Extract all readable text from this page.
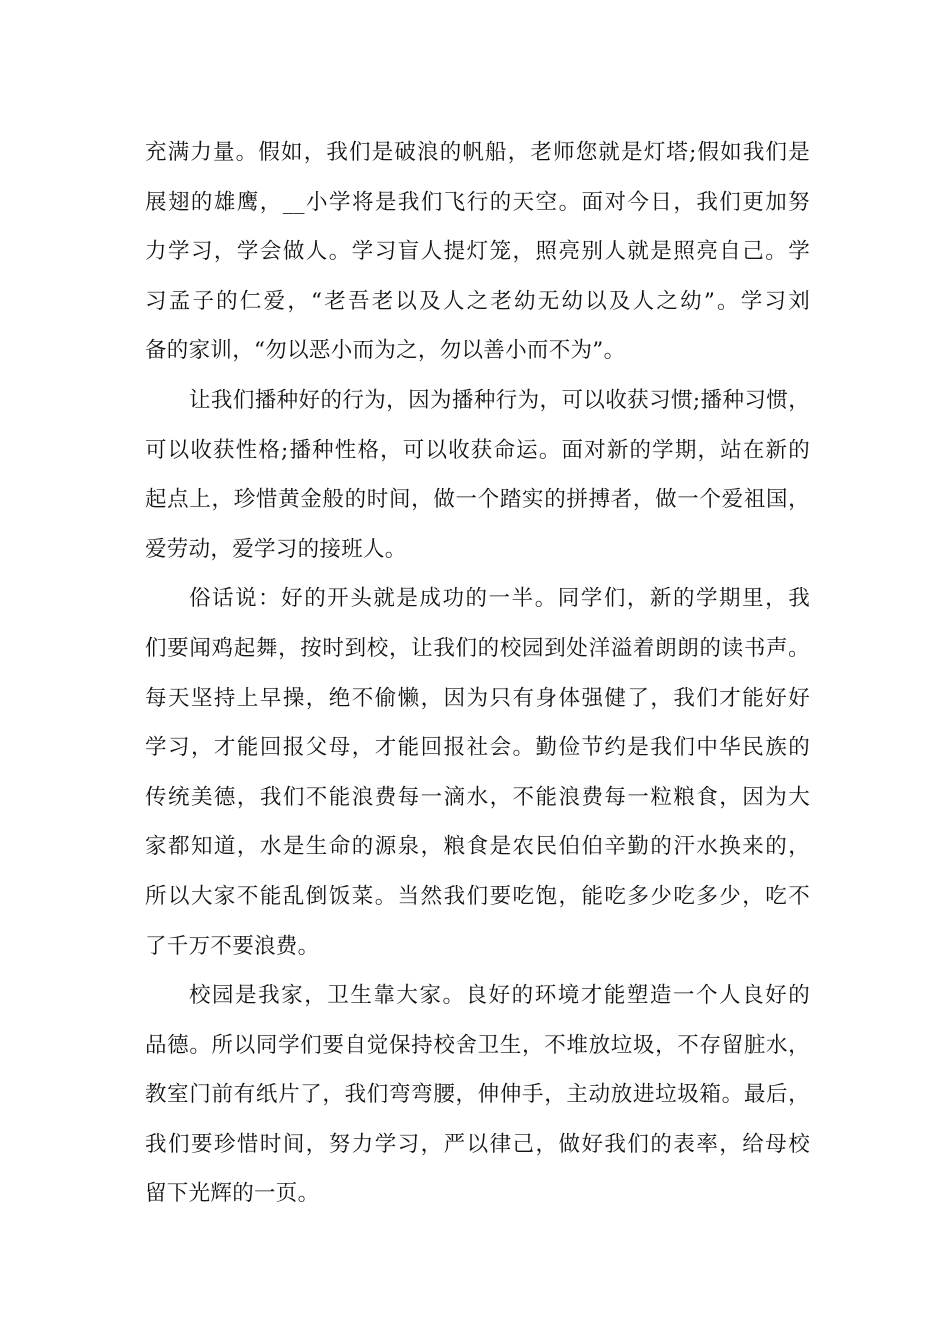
充满力量。假如，我们是破浪的帆船，老师您就是灯塔;假如我们是
展翅的雄鹰，__小学将是我们飞行的天空。面对今日，我们更加努
力学习，学会做人。学习盲人提灯笼，照亮别人就是照亮自己。学
习孟子的仁爱，“老吾老以及人之老幼无幼以及人之幼”。学习刘
备的家训，“勿以恶小而为之，勿以善小而不为”。
让我们播种好的行为，因为播种行为，可以收获习惯;播种习惯，
可以收获性格;播种性格，可以收获命运。面对新的学期，站在新的
起点上，珍惜黄金般的时间，做一个踏实的拼搏者，做一个爱祖国，
爱劳动，爱学习的接班人。
俗话说：好的开头就是成功的一半。同学们，新的学期里，我
们要闻鸡起舞，按时到校，让我们的校园到处洋溢着朗朗的读书声。
每天坚持上早操，绝不偷懒，因为只有身体强健了，我们才能好好
学习，才能回报父母，才能回报社会。勤俭节约是我们中华民族的
传统美德，我们不能浪费每一滴水，不能浪费每一粒粮食，因为大
家都知道，水是生命的源泉，粮食是农民伯伯辛勤的汗水换来的，
所以大家不能乱倒饭菜。当然我们要吃饱，能吃多少吃多少，吃不
了千万不要浪费。
校园是我家，卫生靠大家。良好的环境才能塑造一个人良好的
品德。所以同学们要自觉保持校舍卫生，不堆放垃圾，不存留脏水，
教室门前有纸片了，我们弯弯腰，伸伸手，主动放进垃圾箱。最后，
我们要珍惜时间，努力学习，严以律己，做好我们的表率，给母校
留下光辉的一页。
